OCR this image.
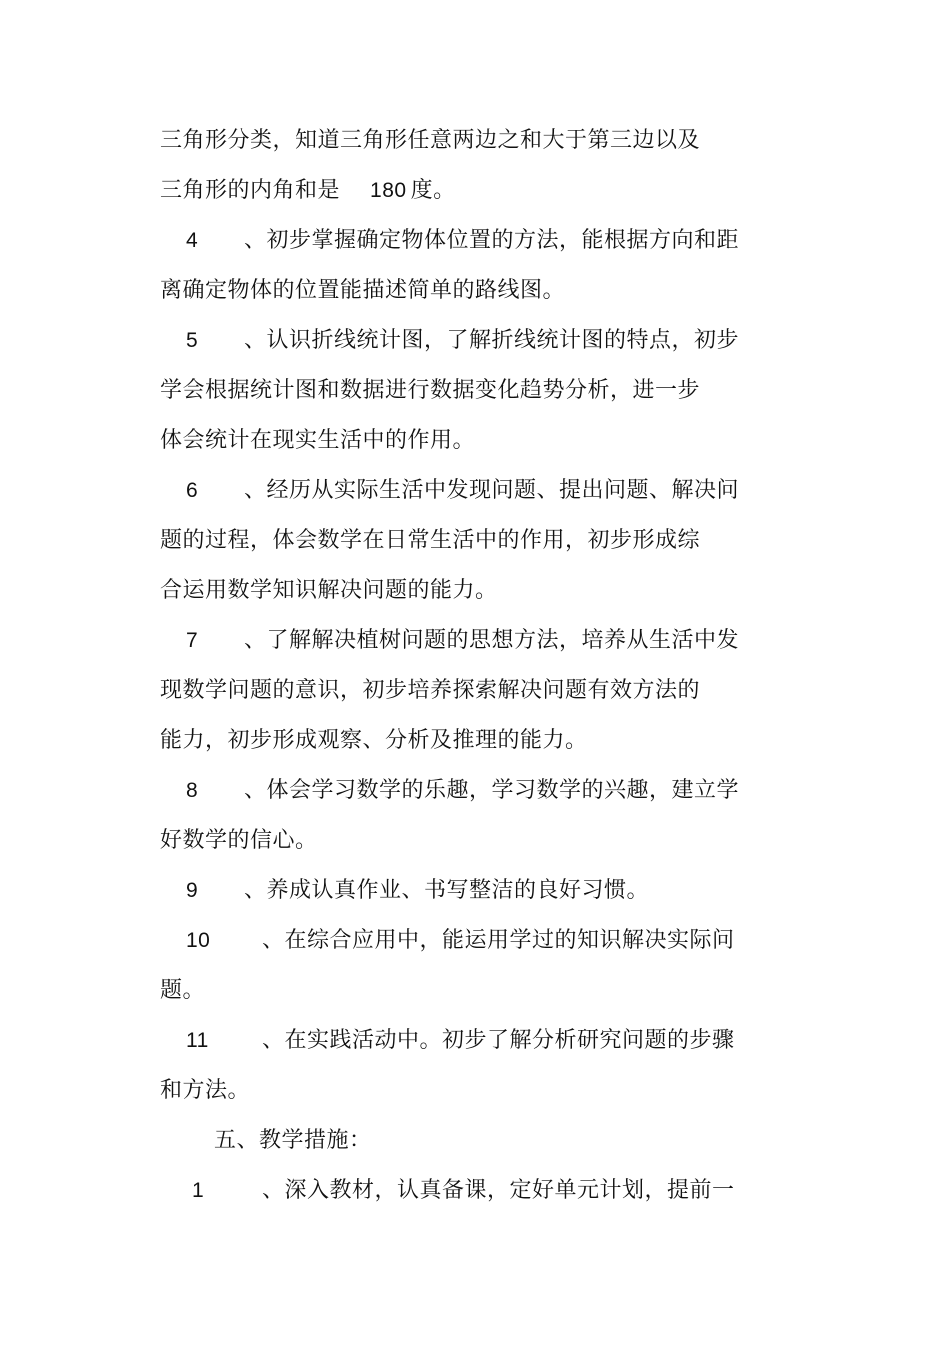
三角形分类，知道三角形任意两边之和大于第三边以及
三角形的内角和是 180 度。
4 、初步掌握确定物体位置的方法，能根据方向和距
离确定物体的位置能描述简单的路线图。
5 、认识折线统计图，了解折线统计图的特点，初步
学会根据统计图和数据进行数据变化趋势分析，进一步
体会统计在现实生活中的作用。
6 、经历从实际生活中发现问题、提出问题、解决问
题的过程，体会数学在日常生活中的作用，初步形成综
合运用数学知识解决问题的能力。
7 、了解解决植树问题的思想方法，培养从生活中发
现数学问题的意识，初步培养探索解决问题有效方法的
能力，初步形成观察、分析及推理的能力。
8 、体会学习数学的乐趣，学习数学的兴趣，建立学
好数学的信心。
9 、养成认真作业、书写整洁的良好习惯。
10 、在综合应用中，能运用学过的知识解决实际问
题。
11 、在实践活动中。初步了解分析研究问题的步骤
和方法。
五、教学措施：
1	、深入教材，认真备课，定好单元计划，提前一
